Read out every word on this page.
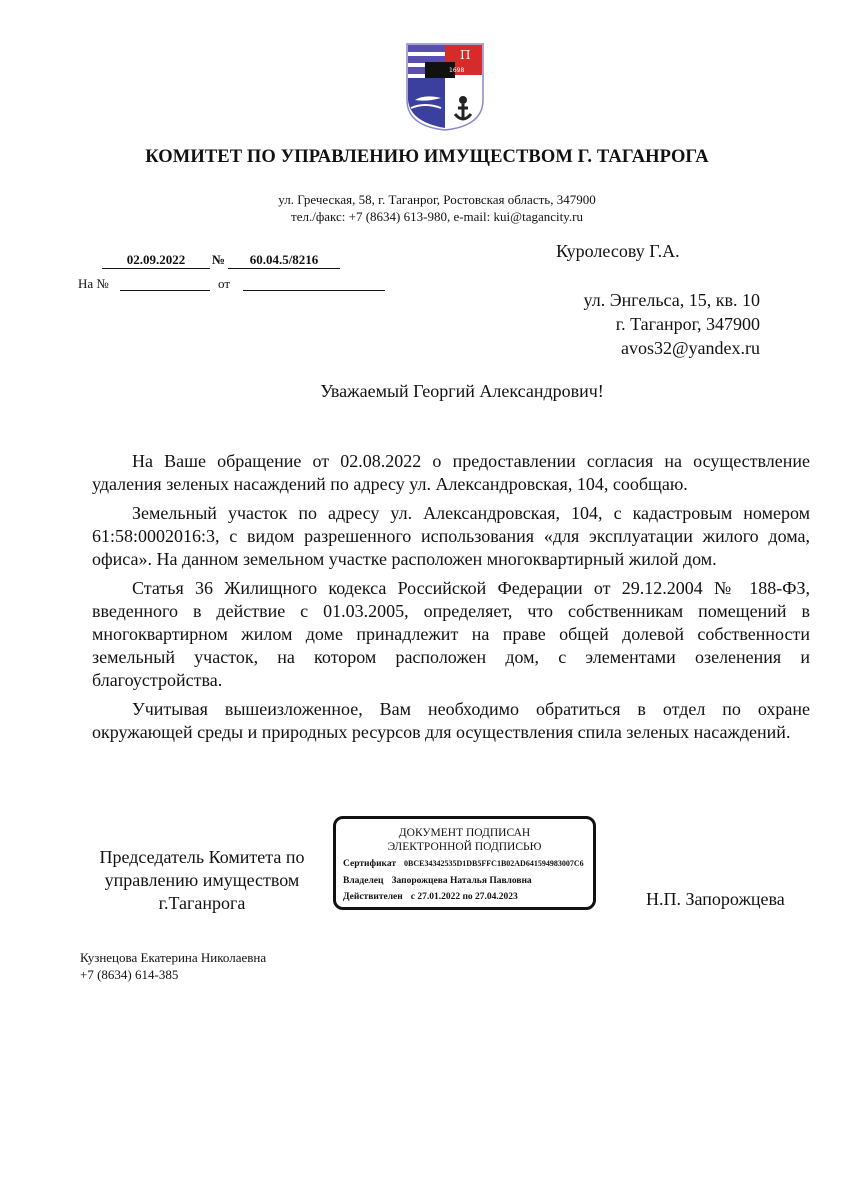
П
1698
КОМИТЕТ ПО УПРАВЛЕНИЮ ИМУЩЕСТВОМ Г. ТАГАНРОГА
ул. Греческая, 58, г. Таганрог, Ростовская область, 347900
тел./факс: +7 (8634) 613-980, e-mail: kui@tagancity.ru
02.09.2022	№	60.04.5/8216
На №	от
Куролесову Г.А.
ул. Энгельса, 15, кв. 10
г. Таганрог, 347900
avos32@yandex.ru
Уважаемый Георгий Александрович!

На Ваше обращение от 02.08.2022 о предоставлении согласия на осуществление удаления зеленых насаждений по адресу ул. Александровская, 104, сообщаю.

Земельный участок по адресу ул. Александровская, 104, с кадастровым номером 61:58:0002016:3, с видом разрешенного использования «для эксплуатации жилого дома, офиса». На данном земельном участке расположен многоквартирный жилой дом.

Статья 36 Жилищного кодекса Российской Федерации от 29.12.2004 № 188-ФЗ, введенного в действие с 01.03.2005, определяет, что собственникам помещений в многоквартирном жилом доме принадлежит на праве общей долевой собственности земельный участок, на котором расположен дом, с элементами озеленения и благоустройства.

Учитывая вышеизложенное, Вам необходимо обратиться в отдел по охране окружающей среды и природных ресурсов для осуществления спила зеленых насаждений.

Председатель Комитета по
управлению имуществом
г.Таганрога
ДОКУМЕНТ ПОДПИСАН
ЭЛЕКТРОННОЙ ПОДПИСЬЮ
Сертификат 0BCE34342535D1DB5FFC1B02AD641594983007C6
Владелец Запорожцева Наталья Павловна
Действителен с 27.01.2022 по 27.04.2023	Н.П. Запорожцева
Кузнецова Екатерина Николаевна
+7 (8634) 614-385
